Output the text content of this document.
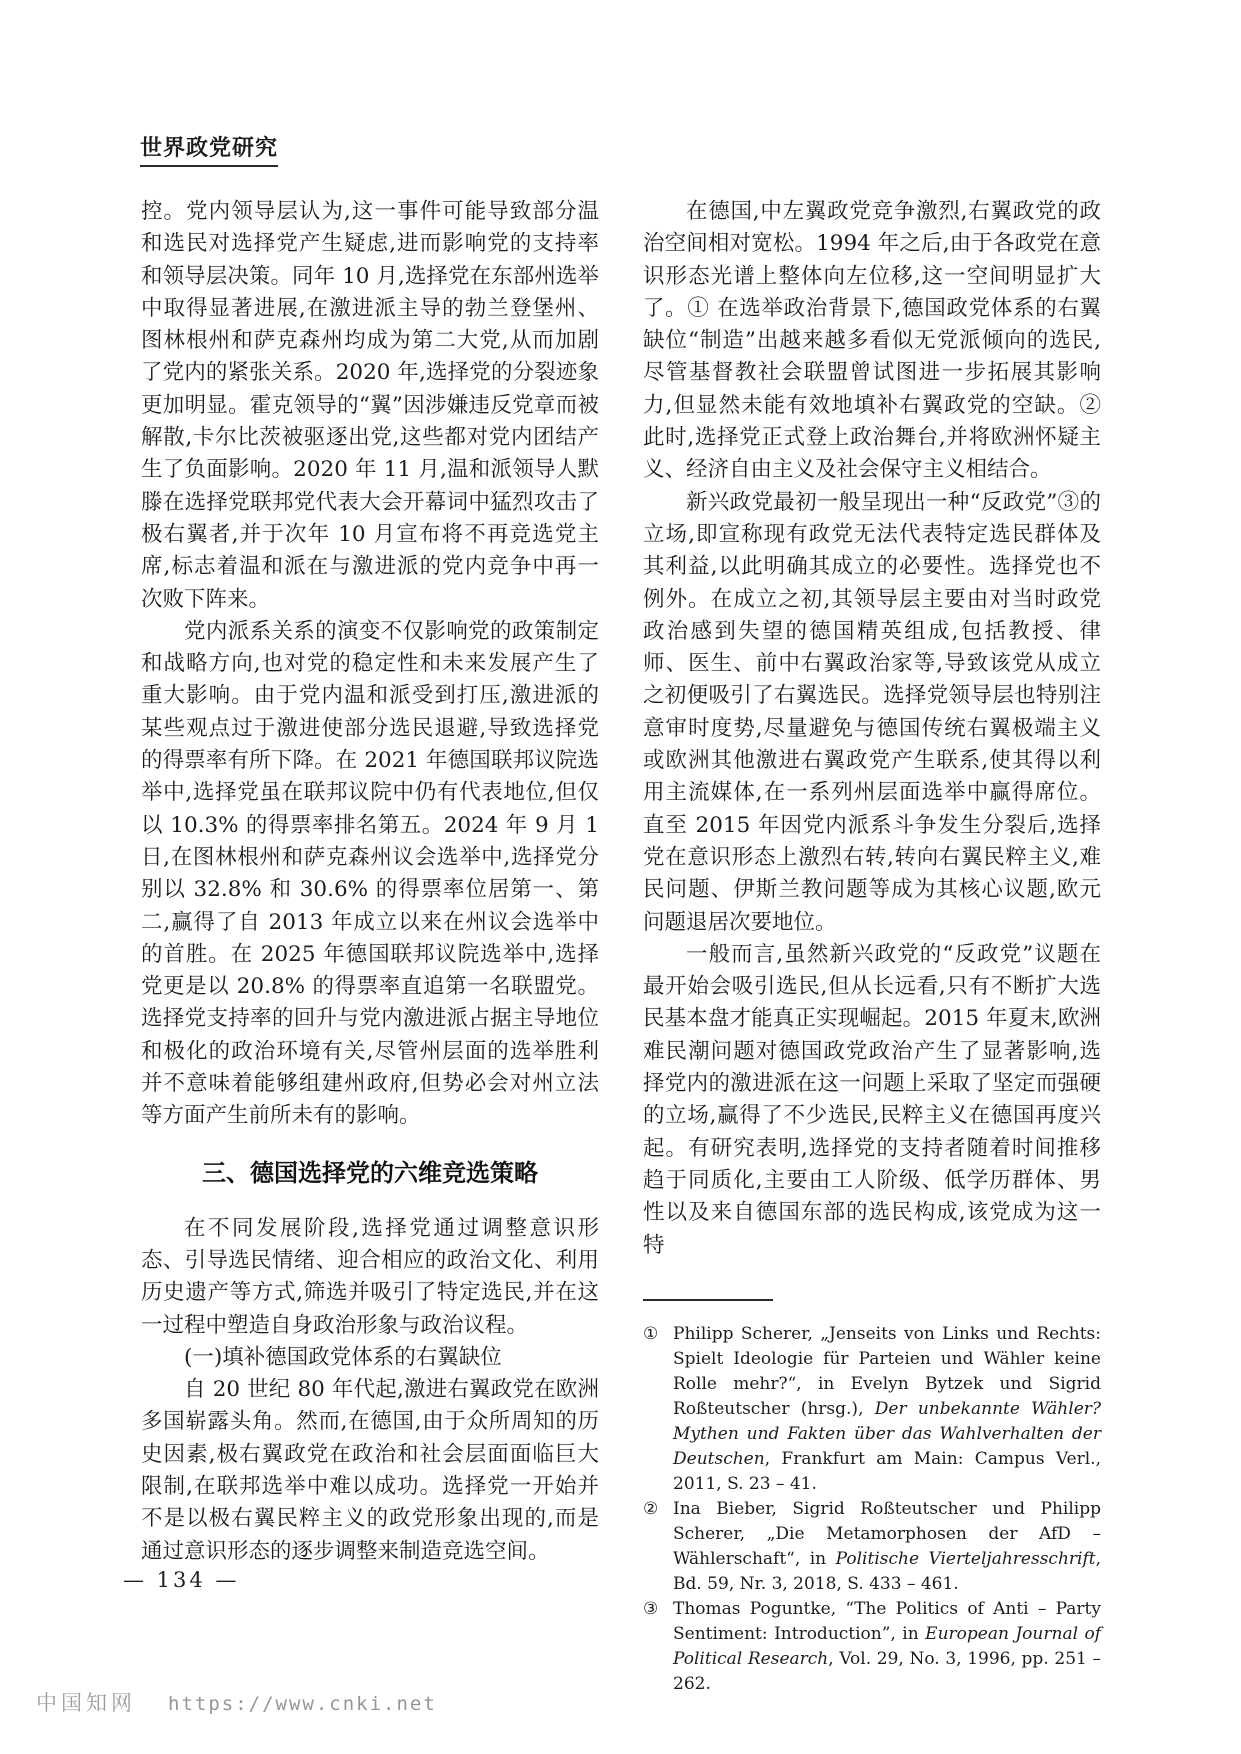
世界政党研究

控。党内领导层认为,这一事件可能导致部分温和选民对选择党产生疑虑,进而影响党的支持率和领导层决策。同年 10 月,选择党在东部州选举中取得显著进展,在激进派主导的勃兰登堡州、图林根州和萨克森州均成为第二大党,从而加剧了党内的紧张关系。2020 年,选择党的分裂迹象更加明显。霍克领导的“翼”因涉嫌违反党章而被解散,卡尔比茨被驱逐出党,这些都对党内团结产生了负面影响。2020 年 11 月,温和派领导人默滕在选择党联邦党代表大会开幕词中猛烈攻击了极右翼者,并于次年 10 月宣布将不再竞选党主席,标志着温和派在与激进派的党内竞争中再一次败下阵来。

党内派系关系的演变不仅影响党的政策制定和战略方向,也对党的稳定性和未来发展产生了重大影响。由于党内温和派受到打压,激进派的某些观点过于激进使部分选民退避,导致选择党的得票率有所下降。在 2021 年德国联邦议院选举中,选择党虽在联邦议院中仍有代表地位,但仅以 10.3% 的得票率排名第五。2024 年 9 月 1 日,在图林根州和萨克森州议会选举中,选择党分别以 32.8% 和 30.6% 的得票率位居第一、第二,赢得了自 2013 年成立以来在州议会选举中的首胜。在 2025 年德国联邦议院选举中,选择党更是以 20.8% 的得票率直追第一名联盟党。选择党支持率的回升与党内激进派占据主导地位和极化的政治环境有关,尽管州层面的选举胜利并不意味着能够组建州政府,但势必会对州立法等方面产生前所未有的影响。

三、德国选择党的六维竞选策略

在不同发展阶段,选择党通过调整意识形态、引导选民情绪、迎合相应的政治文化、利用历史遗产等方式,筛选并吸引了特定选民,并在这一过程中塑造自身政治形象与政治议程。

(一)填补德国政党体系的右翼缺位

自 20 世纪 80 年代起,激进右翼政党在欧洲多国崭露头角。然而,在德国,由于众所周知的历史因素,极右翼政党在政治和社会层面面临巨大限制,在联邦选举中难以成功。选择党一开始并不是以极右翼民粹主义的政党形象出现的,而是通过意识形态的逐步调整来制造竞选空间。

在德国,中左翼政党竞争激烈,右翼政党的政治空间相对宽松。1994 年之后,由于各政党在意识形态光谱上整体向左位移,这一空间明显扩大了。① 在选举政治背景下,德国政党体系的右翼缺位“制造”出越来越多看似无党派倾向的选民,尽管基督教社会联盟曾试图进一步拓展其影响力,但显然未能有效地填补右翼政党的空缺。② 此时,选择党正式登上政治舞台,并将欧洲怀疑主义、经济自由主义及社会保守主义相结合。

新兴政党最初一般呈现出一种“反政党”③的立场,即宣称现有政党无法代表特定选民群体及其利益,以此明确其成立的必要性。选择党也不例外。在成立之初,其领导层主要由对当时政党政治感到失望的德国精英组成,包括教授、律师、医生、前中右翼政治家等,导致该党从成立之初便吸引了右翼选民。选择党领导层也特别注意审时度势,尽量避免与德国传统右翼极端主义或欧洲其他激进右翼政党产生联系,使其得以利用主流媒体,在一系列州层面选举中赢得席位。直至 2015 年因党内派系斗争发生分裂后,选择党在意识形态上激烈右转,转向右翼民粹主义,难民问题、伊斯兰教问题等成为其核心议题,欧元问题退居次要地位。

一般而言,虽然新兴政党的“反政党”议题在最开始会吸引选民,但从长远看,只有不断扩大选民基本盘才能真正实现崛起。2015 年夏末,欧洲难民潮问题对德国政党政治产生了显著影响,选择党内的激进派在这一问题上采取了坚定而强硬的立场,赢得了不少选民,民粹主义在德国再度兴起。有研究表明,选择党的支持者随着时间推移趋于同质化,主要由工人阶级、低学历群体、男性以及来自德国东部的选民构成,该党成为这一特

① Philipp Scherer, „Jenseits von Links und Rechts: Spielt Ideologie für Parteien und Wähler keine Rolle mehr?“, in Evelyn Bytzek und Sigrid Roßteutscher (hrsg.), Der unbekannte Wähler? Mythen und Fakten über das Wahlverhalten der Deutschen, Frankfurt am Main: Campus Verl., 2011, S. 23 – 41.
② Ina Bieber, Sigrid Roßteutscher und Philipp Scherer, „Die Metamorphosen der AfD – Wählerschaft“, in Politische Vierteljahresschrift, Bd. 59, Nr. 3, 2018, S. 433 – 461.
③ Thomas Poguntke, “The Politics of Anti – Party Sentiment: Introduction”, in European Journal of Political Research, Vol. 29, No. 3, 1996, pp. 251 – 262.
— 134 —
中国知网 https://www.cnki.net
